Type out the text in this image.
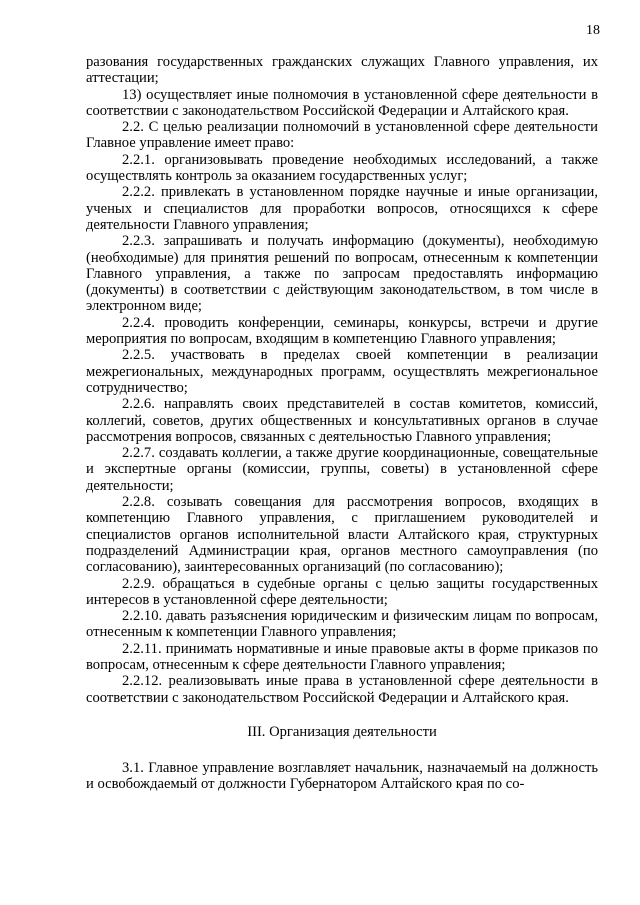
18

разования государственных гражданских служащих Главного управления, их аттестации;

13) осуществляет иные полномочия в установленной сфере деятельности в соответствии с законодательством Российской Федерации и Алтайского края.

2.2. С целью реализации полномочий в установленной сфере деятельности Главное управление имеет право:

2.2.1. организовывать проведение необходимых исследований, а также осуществлять контроль за оказанием государственных услуг;

2.2.2. привлекать в установленном порядке научные и иные организации, ученых и специалистов для проработки вопросов, относящихся к сфере деятельности Главного управления;

2.2.3. запрашивать и получать информацию (документы), необходимую (необходимые) для принятия решений по вопросам, отнесенным к компетенции Главного управления, а также по запросам предоставлять информацию (документы) в соответствии с действующим законодательством, в том числе в электронном виде;

2.2.4. проводить конференции, семинары, конкурсы, встречи и другие мероприятия по вопросам, входящим в компетенцию Главного управления;

2.2.5. участвовать в пределах своей компетенции в реализации межрегиональных, международных программ, осуществлять межрегиональное сотрудничество;

2.2.6. направлять своих представителей в состав комитетов, комиссий, коллегий, советов, других общественных и консультативных органов в случае рассмотрения вопросов, связанных с деятельностью Главного управления;

2.2.7. создавать коллегии, а также другие координационные, совещательные и экспертные органы (комиссии, группы, советы) в установленной сфере деятельности;

2.2.8. созывать совещания для рассмотрения вопросов, входящих в компетенцию Главного управления, с приглашением руководителей и специалистов органов исполнительной власти Алтайского края, структурных подразделений Администрации края, органов местного самоуправления (по согласованию), заинтересованных организаций (по согласованию);

2.2.9. обращаться в судебные органы с целью защиты государственных интересов в установленной сфере деятельности;

2.2.10. давать разъяснения юридическим и физическим лицам по вопросам, отнесенным к компетенции Главного управления;

2.2.11. принимать нормативные и иные правовые акты в форме приказов по вопросам, отнесенным к сфере деятельности Главного управления;

2.2.12. реализовывать иные права в установленной сфере деятельности в соответствии с законодательством Российской Федерации и Алтайского края.

III. Организация деятельности

3.1. Главное управление возглавляет начальник, назначаемый на должность и освобождаемый от должности Губернатором Алтайского края по со-
